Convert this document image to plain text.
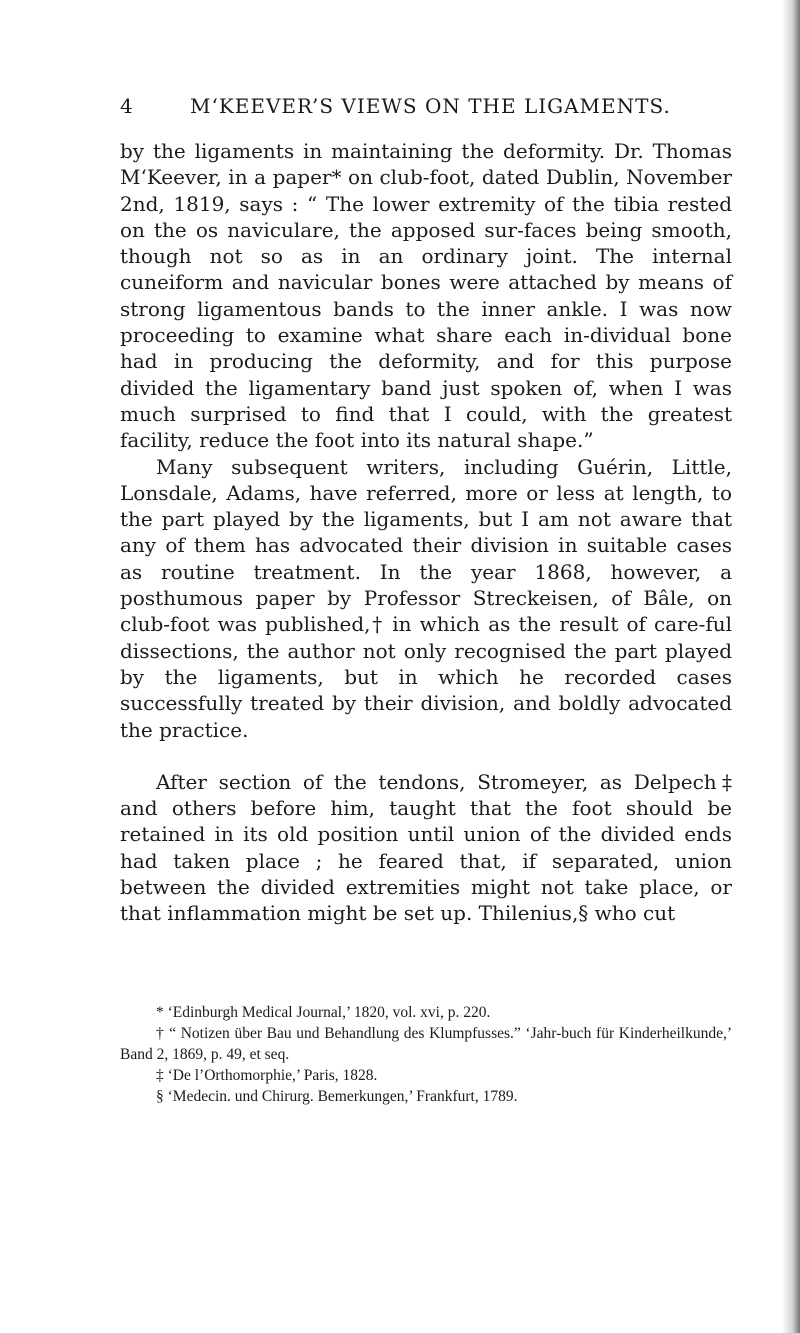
4	M‘KEEVER’S VIEWS ON THE LIGAMENTS.

by the ligaments in maintaining the deformity. Dr. Thomas M‘Keever, in a paper* on club-foot, dated Dublin, November 2nd, 1819, says : “ The lower extremity of the tibia rested on the os naviculare, the apposed sur-faces being smooth, though not so as in an ordinary joint. The internal cuneiform and navicular bones were attached by means of strong ligamentous bands to the inner ankle. I was now proceeding to examine what share each in-dividual bone had in producing the deformity, and for this purpose divided the ligamentary band just spoken of, when I was much surprised to find that I could, with the greatest facility, reduce the foot into its natural shape.”

Many subsequent writers, including Guérin, Little, Lonsdale, Adams, have referred, more or less at length, to the part played by the ligaments, but I am not aware that any of them has advocated their division in suitable cases as routine treatment. In the year 1868, however, a posthumous paper by Professor Streckeisen, of Bâle, on club-foot was published,† in which as the result of care-ful dissections, the author not only recognised the part played by the ligaments, but in which he recorded cases successfully treated by their division, and boldly advocated the practice.

After section of the tendons, Stromeyer, as Delpech‡ and others before him, taught that the foot should be retained in its old position until union of the divided ends had taken place ; he feared that, if separated, union between the divided extremities might not take place, or that inflammation might be set up. Thilenius,§ who cut

* ‘Edinburgh Medical Journal,’ 1820, vol. xvi, p. 220.

† “ Notizen über Bau und Behandlung des Klumpfusses.” ‘Jahr-buch für Kinderheilkunde,’ Band 2, 1869, p. 49, et seq.

‡ ‘De l’Orthomorphie,’ Paris, 1828.

§ ‘Medecin. und Chirurg. Bemerkungen,’ Frankfurt, 1789.
